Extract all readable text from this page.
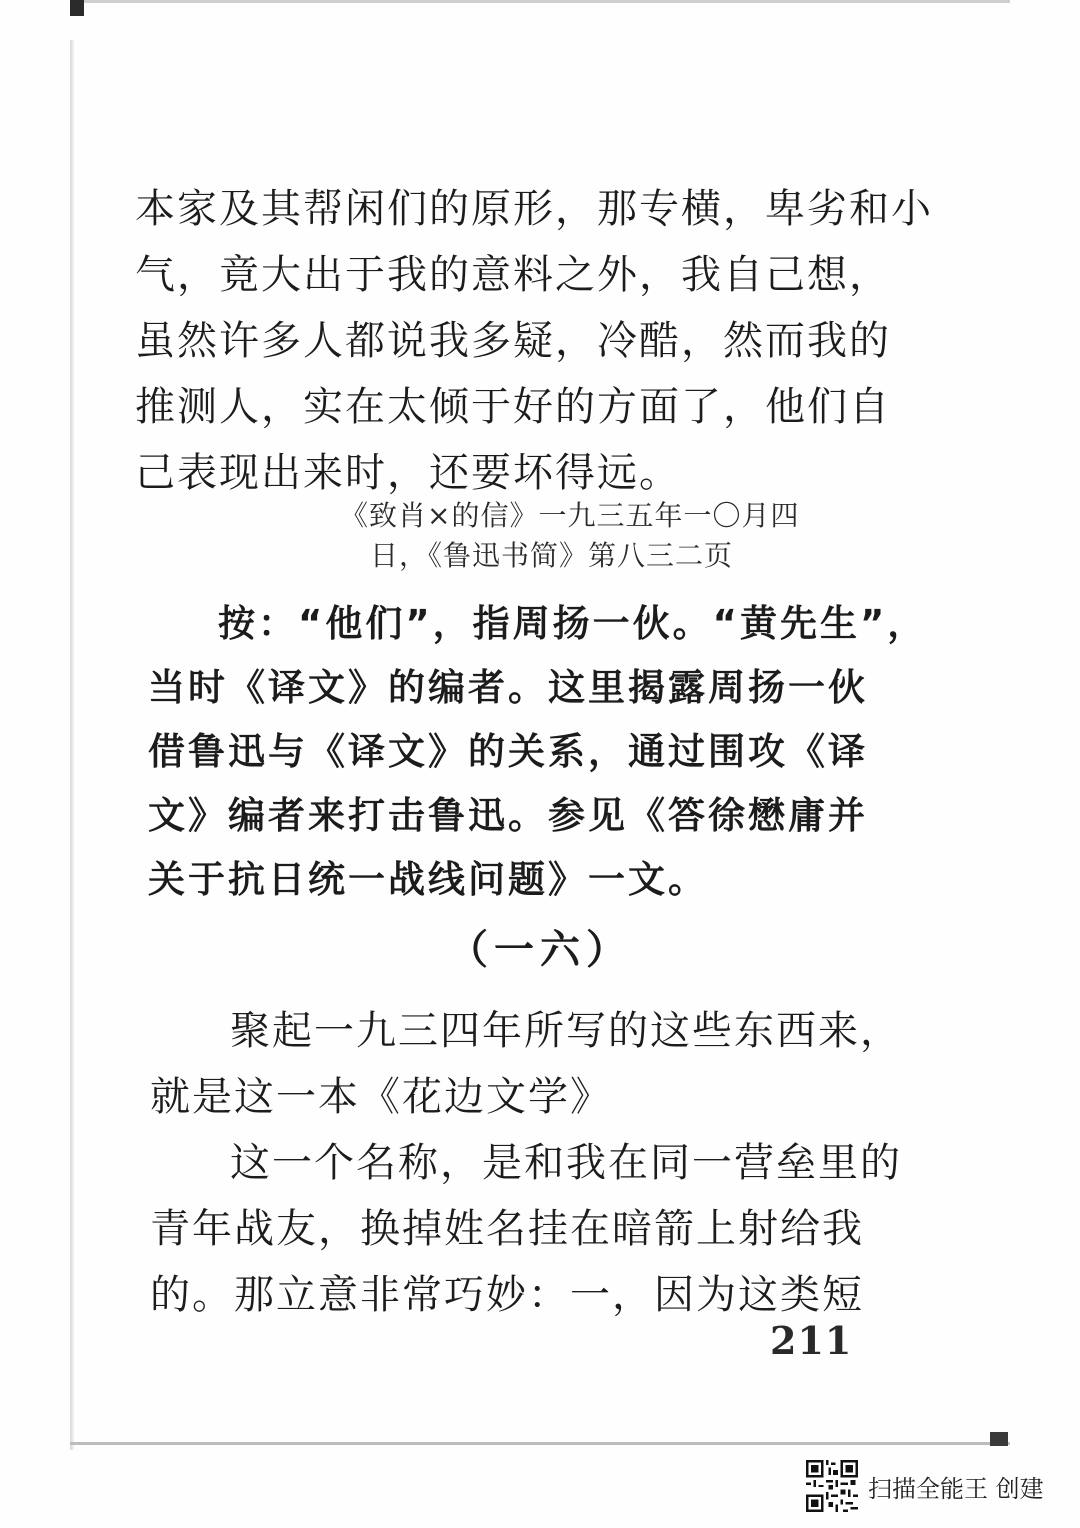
本家及其帮闲们的原形，那专横，卑劣和小
气，竟大出于我的意料之外，我自己想，
虽然许多人都说我多疑，冷酷，然而我的
推测人，实在太倾于好的方面了，他们自
己表现出来时，还要坏得远。
《致肖×的信》一九三五年一〇月四
日，《鲁迅书简》第八三二页
按：“他们”，指周扬一伙。“黄先生”，
当时《译文》的编者。这里揭露周扬一伙
借鲁迅与《译文》的关系，通过围攻《译
文》编者来打击鲁迅。参见《答徐懋庸并
关于抗日统一战线问题》一文。
（一六）
聚起一九三四年所写的这些东西来，
就是这一本《花边文学》
这一个名称，是和我在同一营垒里的
青年战友，换掉姓名挂在暗箭上射给我
的。那立意非常巧妙：一，因为这类短
211
扫描全能王 创建
